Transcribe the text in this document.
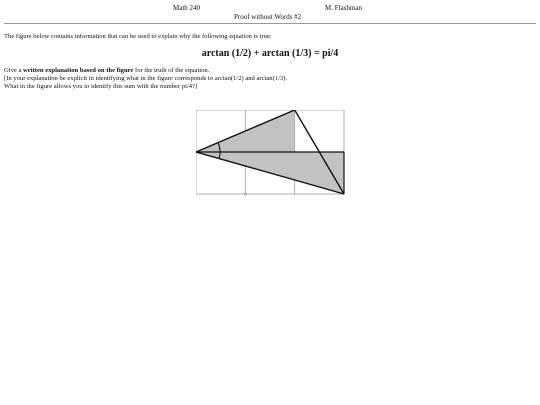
Math 240	M. Flashman
Proof without Words #2
The figure below contains information that can be used to explain why the following equation is true:
arctan (1/2) + arctan (1/3) = pi/4
Give a written explanation based on the figure for the truth of the equation.
[In your explanation be explicit in identifying what in the figure corresponds to arctan(1/2) and arctan(1/3).
What in the figure allows you to identify this sum with the number pi/4?]
